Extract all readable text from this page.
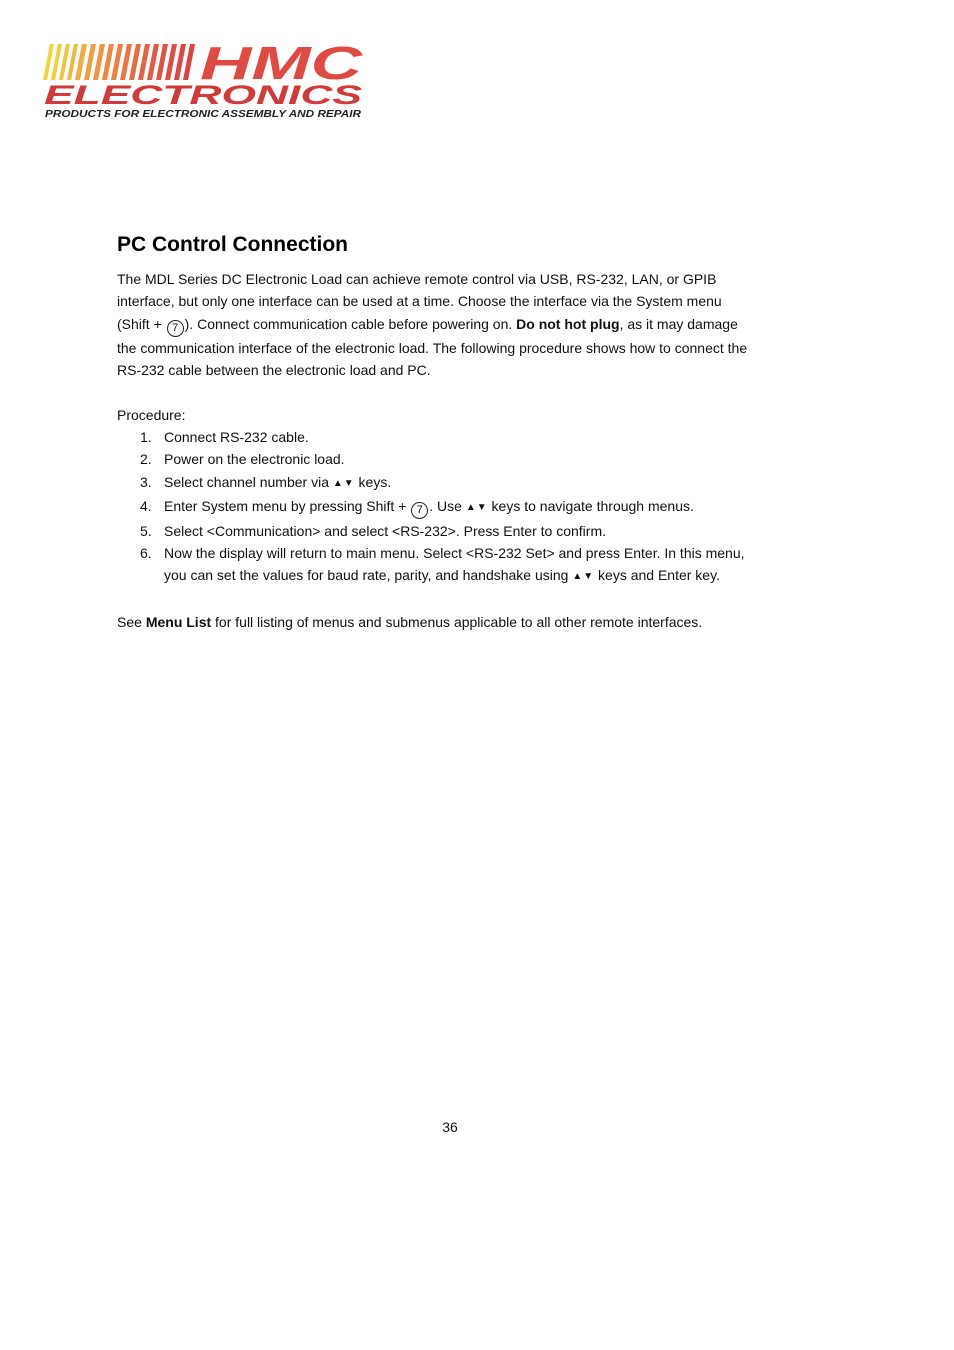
HMC
ELECTRONICS
PRODUCTS FOR ELECTRONIC ASSEMBLY AND REPAIR
PC Control Connection

The MDL Series DC Electronic Load can achieve remote control via USB, RS-232, LAN, or GPIB interface, but only one interface can be used at a time. Choose the interface via the System menu (Shift + 7 ). Connect communication cable before powering on. Do not hot plug, as it may damage the communication interface of the electronic load. The following procedure shows how to connect the RS-232 cable between the electronic load and PC.

Procedure:

1. Connect RS-232 cable.
2. Power on the electronic load.
3. Select channel number via ▲▼ keys.
4. Enter System menu by pressing Shift + 7 . Use ▲▼ keys to navigate through menus.
5. Select <Communication> and select <RS-232>. Press Enter to confirm.
6. Now the display will return to main menu. Select <RS-232 Set> and press Enter. In this menu, you can set the values for baud rate, parity, and handshake using ▲▼ keys and Enter key.

See Menu List for full listing of menus and submenus applicable to all other remote interfaces.

36
